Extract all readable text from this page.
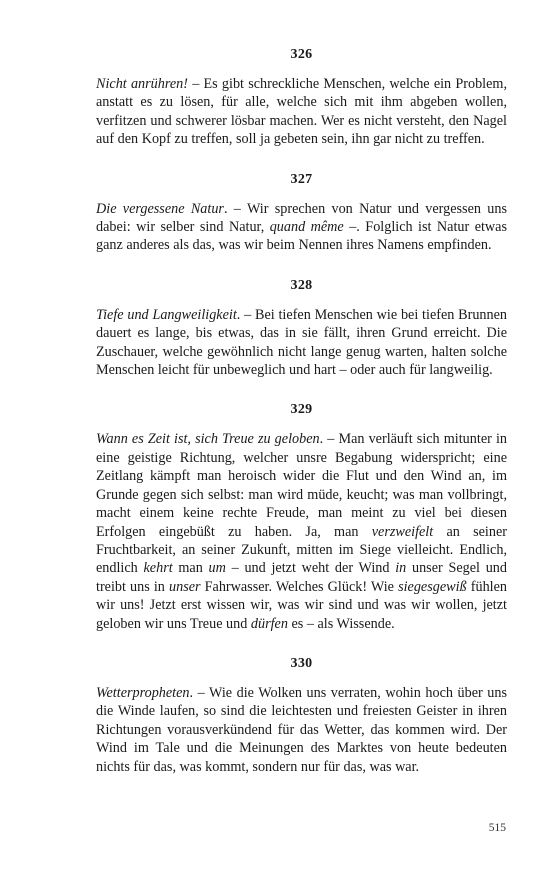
326

Nicht anrühren! – Es gibt schreckliche Menschen, welche ein Problem, anstatt es zu lösen, für alle, welche sich mit ihm abgeben wollen, verfitzen und schwerer lösbar machen. Wer es nicht versteht, den Nagel auf den Kopf zu treffen, soll ja gebeten sein, ihn gar nicht zu treffen.

327

Die vergessene Natur. – Wir sprechen von Natur und vergessen uns dabei: wir selber sind Natur, quand même –. Folglich ist Natur etwas ganz anderes als das, was wir beim Nennen ihres Namens empfinden.

328

Tiefe und Langweiligkeit. – Bei tiefen Menschen wie bei tiefen Brunnen dauert es lange, bis etwas, das in sie fällt, ihren Grund erreicht. Die Zuschauer, welche gewöhnlich nicht lange genug warten, halten solche Menschen leicht für unbeweglich und hart – oder auch für langweilig.

329

Wann es Zeit ist, sich Treue zu geloben. – Man verläuft sich mitunter in eine geistige Richtung, welcher unsre Begabung widerspricht; eine Zeitlang kämpft man heroisch wider die Flut und den Wind an, im Grunde gegen sich selbst: man wird müde, keucht; was man vollbringt, macht einem keine rechte Freude, man meint zu viel bei diesen Erfolgen eingebüßt zu haben. Ja, man verzweifelt an seiner Fruchtbarkeit, an seiner Zukunft, mitten im Siege vielleicht. Endlich, endlich kehrt man um – und jetzt weht der Wind in unser Segel und treibt uns in unser Fahrwasser. Welches Glück! Wie siegesgewiß fühlen wir uns! Jetzt erst wissen wir, was wir sind und was wir wollen, jetzt geloben wir uns Treue und dürfen es – als Wissende.

330

Wetterpropheten. – Wie die Wolken uns verraten, wohin hoch über uns die Winde laufen, so sind die leichtesten und freiesten Geister in ihren Richtungen vorausverkündend für das Wetter, das kommen wird. Der Wind im Tale und die Meinungen des Marktes von heute bedeuten nichts für das, was kommt, sondern nur für das, was war.

515
